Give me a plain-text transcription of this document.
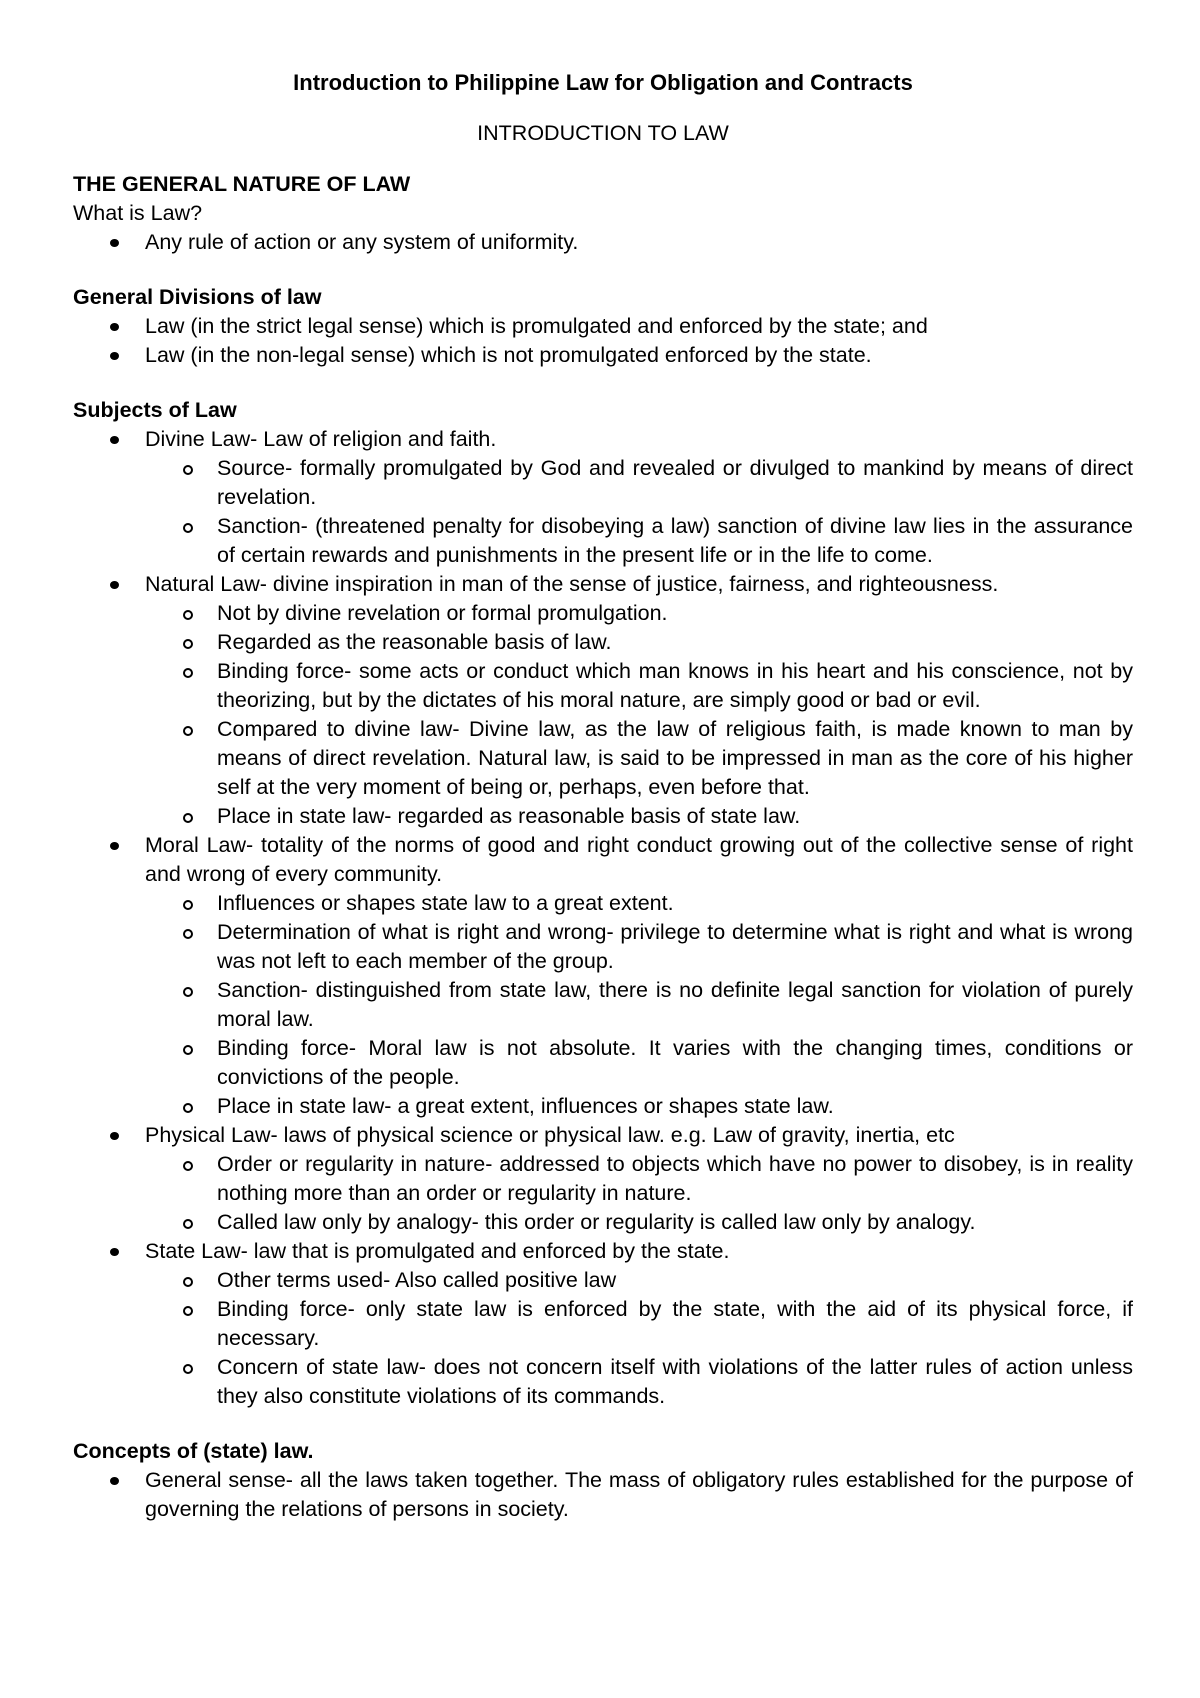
Introduction to Philippine Law for Obligation and Contracts
INTRODUCTION TO LAW
THE GENERAL NATURE OF LAW
What is Law?
Any rule of action or any system of uniformity.
General Divisions of law
Law (in the strict legal sense) which is promulgated and enforced by the state; and
Law (in the non-legal sense) which is not promulgated enforced by the state.
Subjects of Law
Divine Law- Law of religion and faith.
Source- formally promulgated by God and revealed or divulged to mankind by means of direct revelation.
Sanction- (threatened penalty for disobeying a law) sanction of divine law lies in the assurance of certain rewards and punishments in the present life or in the life to come.
Natural Law- divine inspiration in man of the sense of justice, fairness, and righteousness.
Not by divine revelation or formal promulgation.
Regarded as the reasonable basis of law.
Binding force- some acts or conduct which man knows in his heart and his conscience, not by theorizing, but by the dictates of his moral nature, are simply good or bad or evil.
Compared to divine law- Divine law, as the law of religious faith, is made known to man by means of direct revelation. Natural law, is said to be impressed in man as the core of his higher self at the very moment of being or, perhaps, even before that.
Place in state law- regarded as reasonable basis of state law.
Moral Law- totality of the norms of good and right conduct growing out of the collective sense of right and wrong of every community.
Influences or shapes state law to a great extent.
Determination of what is right and wrong- privilege to determine what is right and what is wrong was not left to each member of the group.
Sanction- distinguished from state law, there is no definite legal sanction for violation of purely moral law.
Binding force- Moral law is not absolute. It varies with the changing times, conditions or convictions of the people.
Place in state law- a great extent, influences or shapes state law.
Physical Law- laws of physical science or physical law. e.g. Law of gravity, inertia, etc
Order or regularity in nature- addressed to objects which have no power to disobey, is in reality nothing more than an order or regularity in nature.
Called law only by analogy- this order or regularity is called law only by analogy.
State Law- law that is promulgated and enforced by the state.
Other terms used- Also called positive law
Binding force- only state law is enforced by the state, with the aid of its physical force, if necessary.
Concern of state law- does not concern itself with violations of the latter rules of action unless they also constitute violations of its commands.
Concepts of (state) law.
General sense- all the laws taken together. The mass of obligatory rules established for the purpose of governing the relations of persons in society.
